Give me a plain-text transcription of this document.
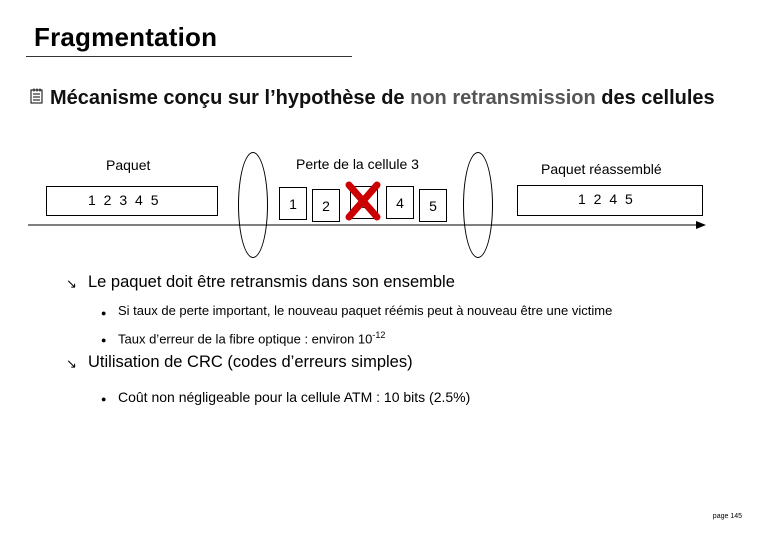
Fragmentation
Mécanisme conçu sur l’hypothèse de non retransmission des cellules
Paquet	Perte de la cellule 3	Paquet réassemblé
1 2 3 4 5	1 2	4 5	1 2 4 5
↘ Le paquet doit être retransmis dans son ensemble
● Si taux de perte important, le nouveau paquet réémis peut à nouveau être une victime
● Taux d’erreur de la fibre optique : environ $10^{-12}$
↘ Utilisation de CRC (codes d’erreurs simples)
● Coût non négligeable pour la cellule ATM : 10 bits (2.5%)
page 145
